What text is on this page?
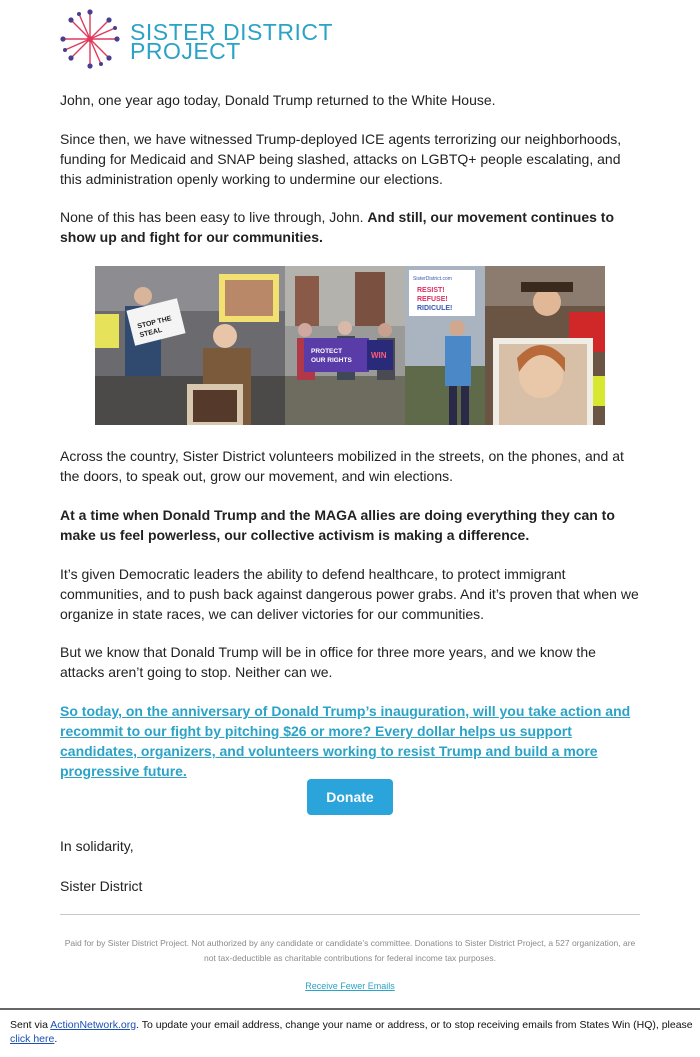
SISTER DISTRICT
PROJECT

John, one year ago today, Donald Trump returned to the White House.

Since then, we have witnessed Trump-deployed ICE agents terrorizing our neighborhoods, funding for Medicaid and SNAP being slashed, attacks on LGBTQ+ people escalating, and this administration openly working to undermine our elections.

None of this has been easy to live through, John. And still, our movement continues to show up and fight for our communities.

STOP THE
STEAL
PROTECT
OUR RIGHTS
WIN
SisterDistrict.com
RESIST!
REFUSE!
RIDICULE!

Across the country, Sister District volunteers mobilized in the streets, on the phones, and at the doors, to speak out, grow our movement, and win elections.

At a time when Donald Trump and the MAGA allies are doing everything they can to make us feel powerless, our collective activism is making a difference.

It’s given Democratic leaders the ability to defend healthcare, to protect immigrant communities, and to push back against dangerous power grabs. And it’s proven that when we organize in state races, we can deliver victories for our communities.

But we know that Donald Trump will be in office for three more years, and we know the attacks aren’t going to stop. Neither can we.

So today, on the anniversary of Donald Trump’s inauguration, will you take action and recommit to our fight by pitching $26 or more? Every dollar helps us support candidates, organizers, and volunteers working to resist Trump and build a more progressive future.

Donate

In solidarity,

Sister District

Paid for by Sister District Project. Not authorized by any candidate or candidate’s committee. Donations to Sister District Project, a 527 organization, are not tax-deductible as charitable contributions for federal income tax purposes.
Receive Fewer Emails
Sent via ActionNetwork.org. To update your email address, change your name or address, or to stop receiving emails from States Win (HQ), please click here.
